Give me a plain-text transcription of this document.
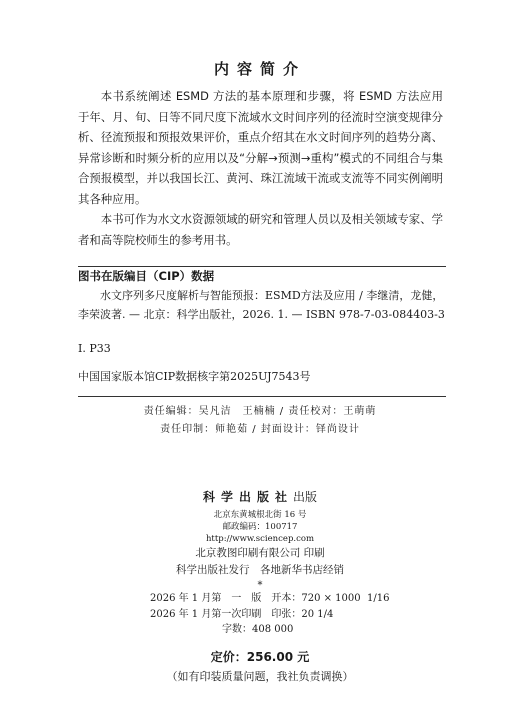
内容简介

本书系统阐述 ESMD 方法的基本原理和步骤，将 ESMD 方法应用于年、月、旬、日等不同尺度下流域水文时间序列的径流时空演变规律分析、径流预报和预报效果评价，重点介绍其在水文时间序列的趋势分离、异常诊断和时频分析的应用以及“分解→预测→重构”模式的不同组合与集合预报模型，并以我国长江、黄河、珠江流域干流或支流等不同实例阐明其各种应用。

本书可作为水文水资源领域的研究和管理人员以及相关领域专家、学者和高等院校师生的参考用书。

图书在版编目（CIP）数据

水文序列多尺度解析与智能预报：ESMD方法及应用 / 李继清，龙健，李荣波著. — 北京：科学出版社，2026. 1. — ISBN 978-7-03-084403-3

Ⅰ. P33
中国国家版本馆CIP数据核字第2025UJ7543号
责任编辑：吴凡洁　王楠楠 / 责任校对：王萌萌
责任印制：师艳茹 / 封面设计：铎尚设计
科学出版社出版
北京东黄城根北街 16 号
邮政编码：100717
http://www.sciencep.com
北京教图印刷有限公司 印刷
科学出版社发行　各地新华书店经销
*
2026 年 1 月第　一　版　开本：720 × 1000  1/16
2026 年 1 月第一次印刷　印张：20 1/4
字数：408 000
定价：256.00 元
（如有印装质量问题，我社负责调换）
